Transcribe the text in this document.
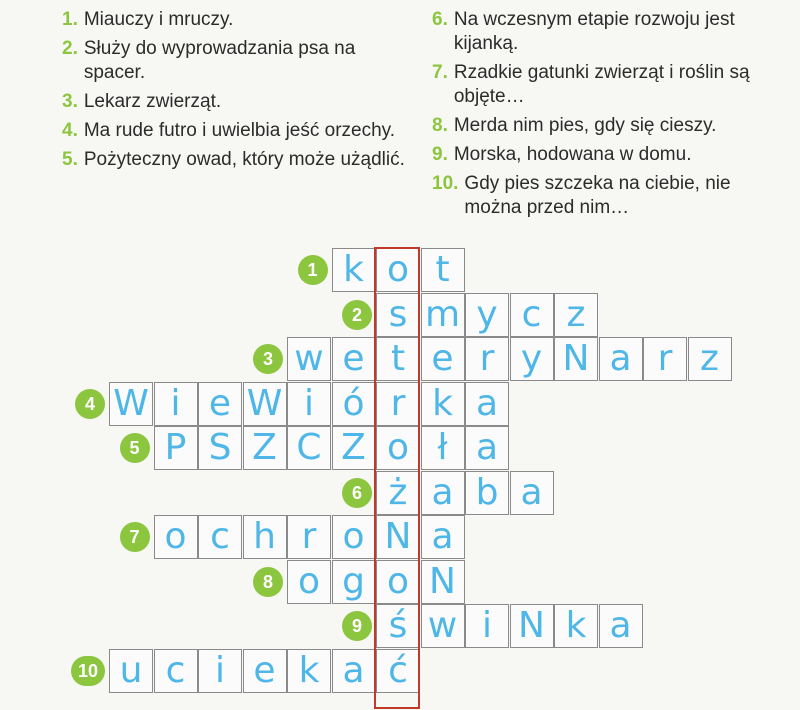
1. Miauczy i mruczy.
2. Służy do wyprowadzania psa na spacer.
3. Lekarz zwierząt.
4. Ma rude futro i uwielbia jeść orzechy.
5. Pożyteczny owad, który może użądlić.
6. Na wczesnym etapie rozwoju jest kijanką.
7. Rzadkie gatunki zwierząt i roślin są objęte…
8. Merda nim pies, gdy się cieszy.
9. Morska, hodowana w domu.
10. Gdy pies szczeka na ciebie, nie można przed nim…
1 k o t
2 s m y c z
3 w e t e r y N a r z
4 W i e W i ó r k a
5 P S Z C Z o ł a
6 ż a b a
7 o c h r o N a
8 o g o N
9 ś w i N k a
10 u c i e k a ć
